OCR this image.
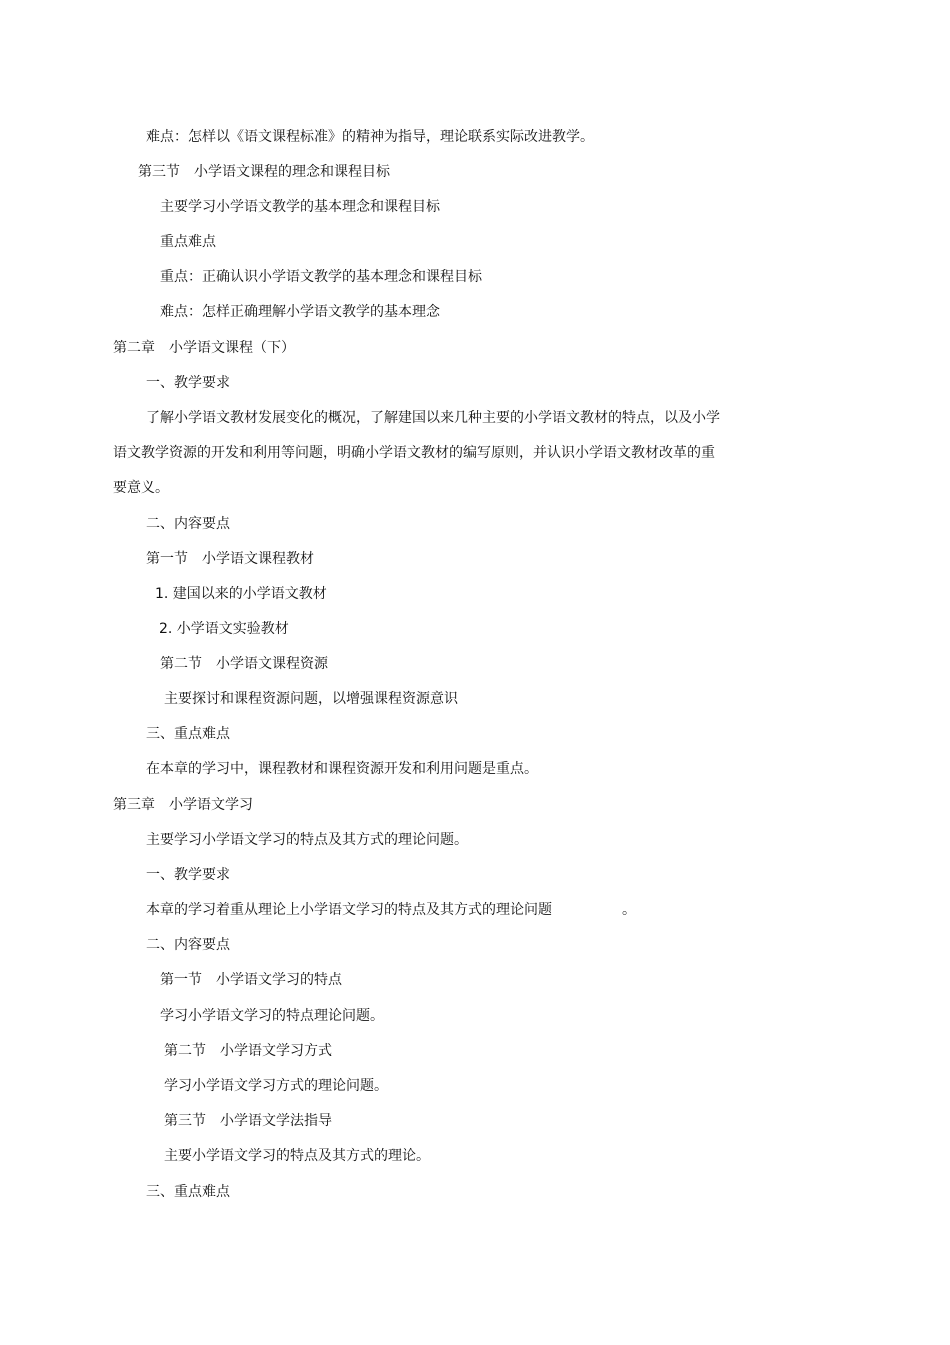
难点：怎样以《语文课程标准》的精神为指导，理论联系实际改进教学。
第三节　小学语文课程的理念和课程目标
主要学习小学语文教学的基本理念和课程目标
重点难点
重点：正确认识小学语文教学的基本理念和课程目标
难点：怎样正确理解小学语文教学的基本理念
第二章　小学语文课程（下）
一、教学要求
了解小学语文教材发展变化的概况，了解建国以来几种主要的小学语文教材的特点，以及小学
语文教学资源的开发和利用等问题，明确小学语文教材的编写原则，并认识小学语文教材改革的重
要意义。
二、内容要点
第一节　小学语文课程教材
1. 建国以来的小学语文教材
2. 小学语文实验教材
第二节　小学语文课程资源
主要探讨和课程资源问题，以增强课程资源意识
三、重点难点
在本章的学习中，课程教材和课程资源开发和利用问题是重点。
第三章　小学语文学习
主要学习小学语文学习的特点及其方式的理论问题。
一、教学要求
本章的学习着重从理论上小学语文学习的特点及其方式的理论问题	。
二、内容要点
第一节　小学语文学习的特点
学习小学语文学习的特点理论问题。
第二节　小学语文学习方式
学习小学语文学习方式的理论问题。
第三节　小学语文学法指导
主要小学语文学习的特点及其方式的理论。
三、重点难点
